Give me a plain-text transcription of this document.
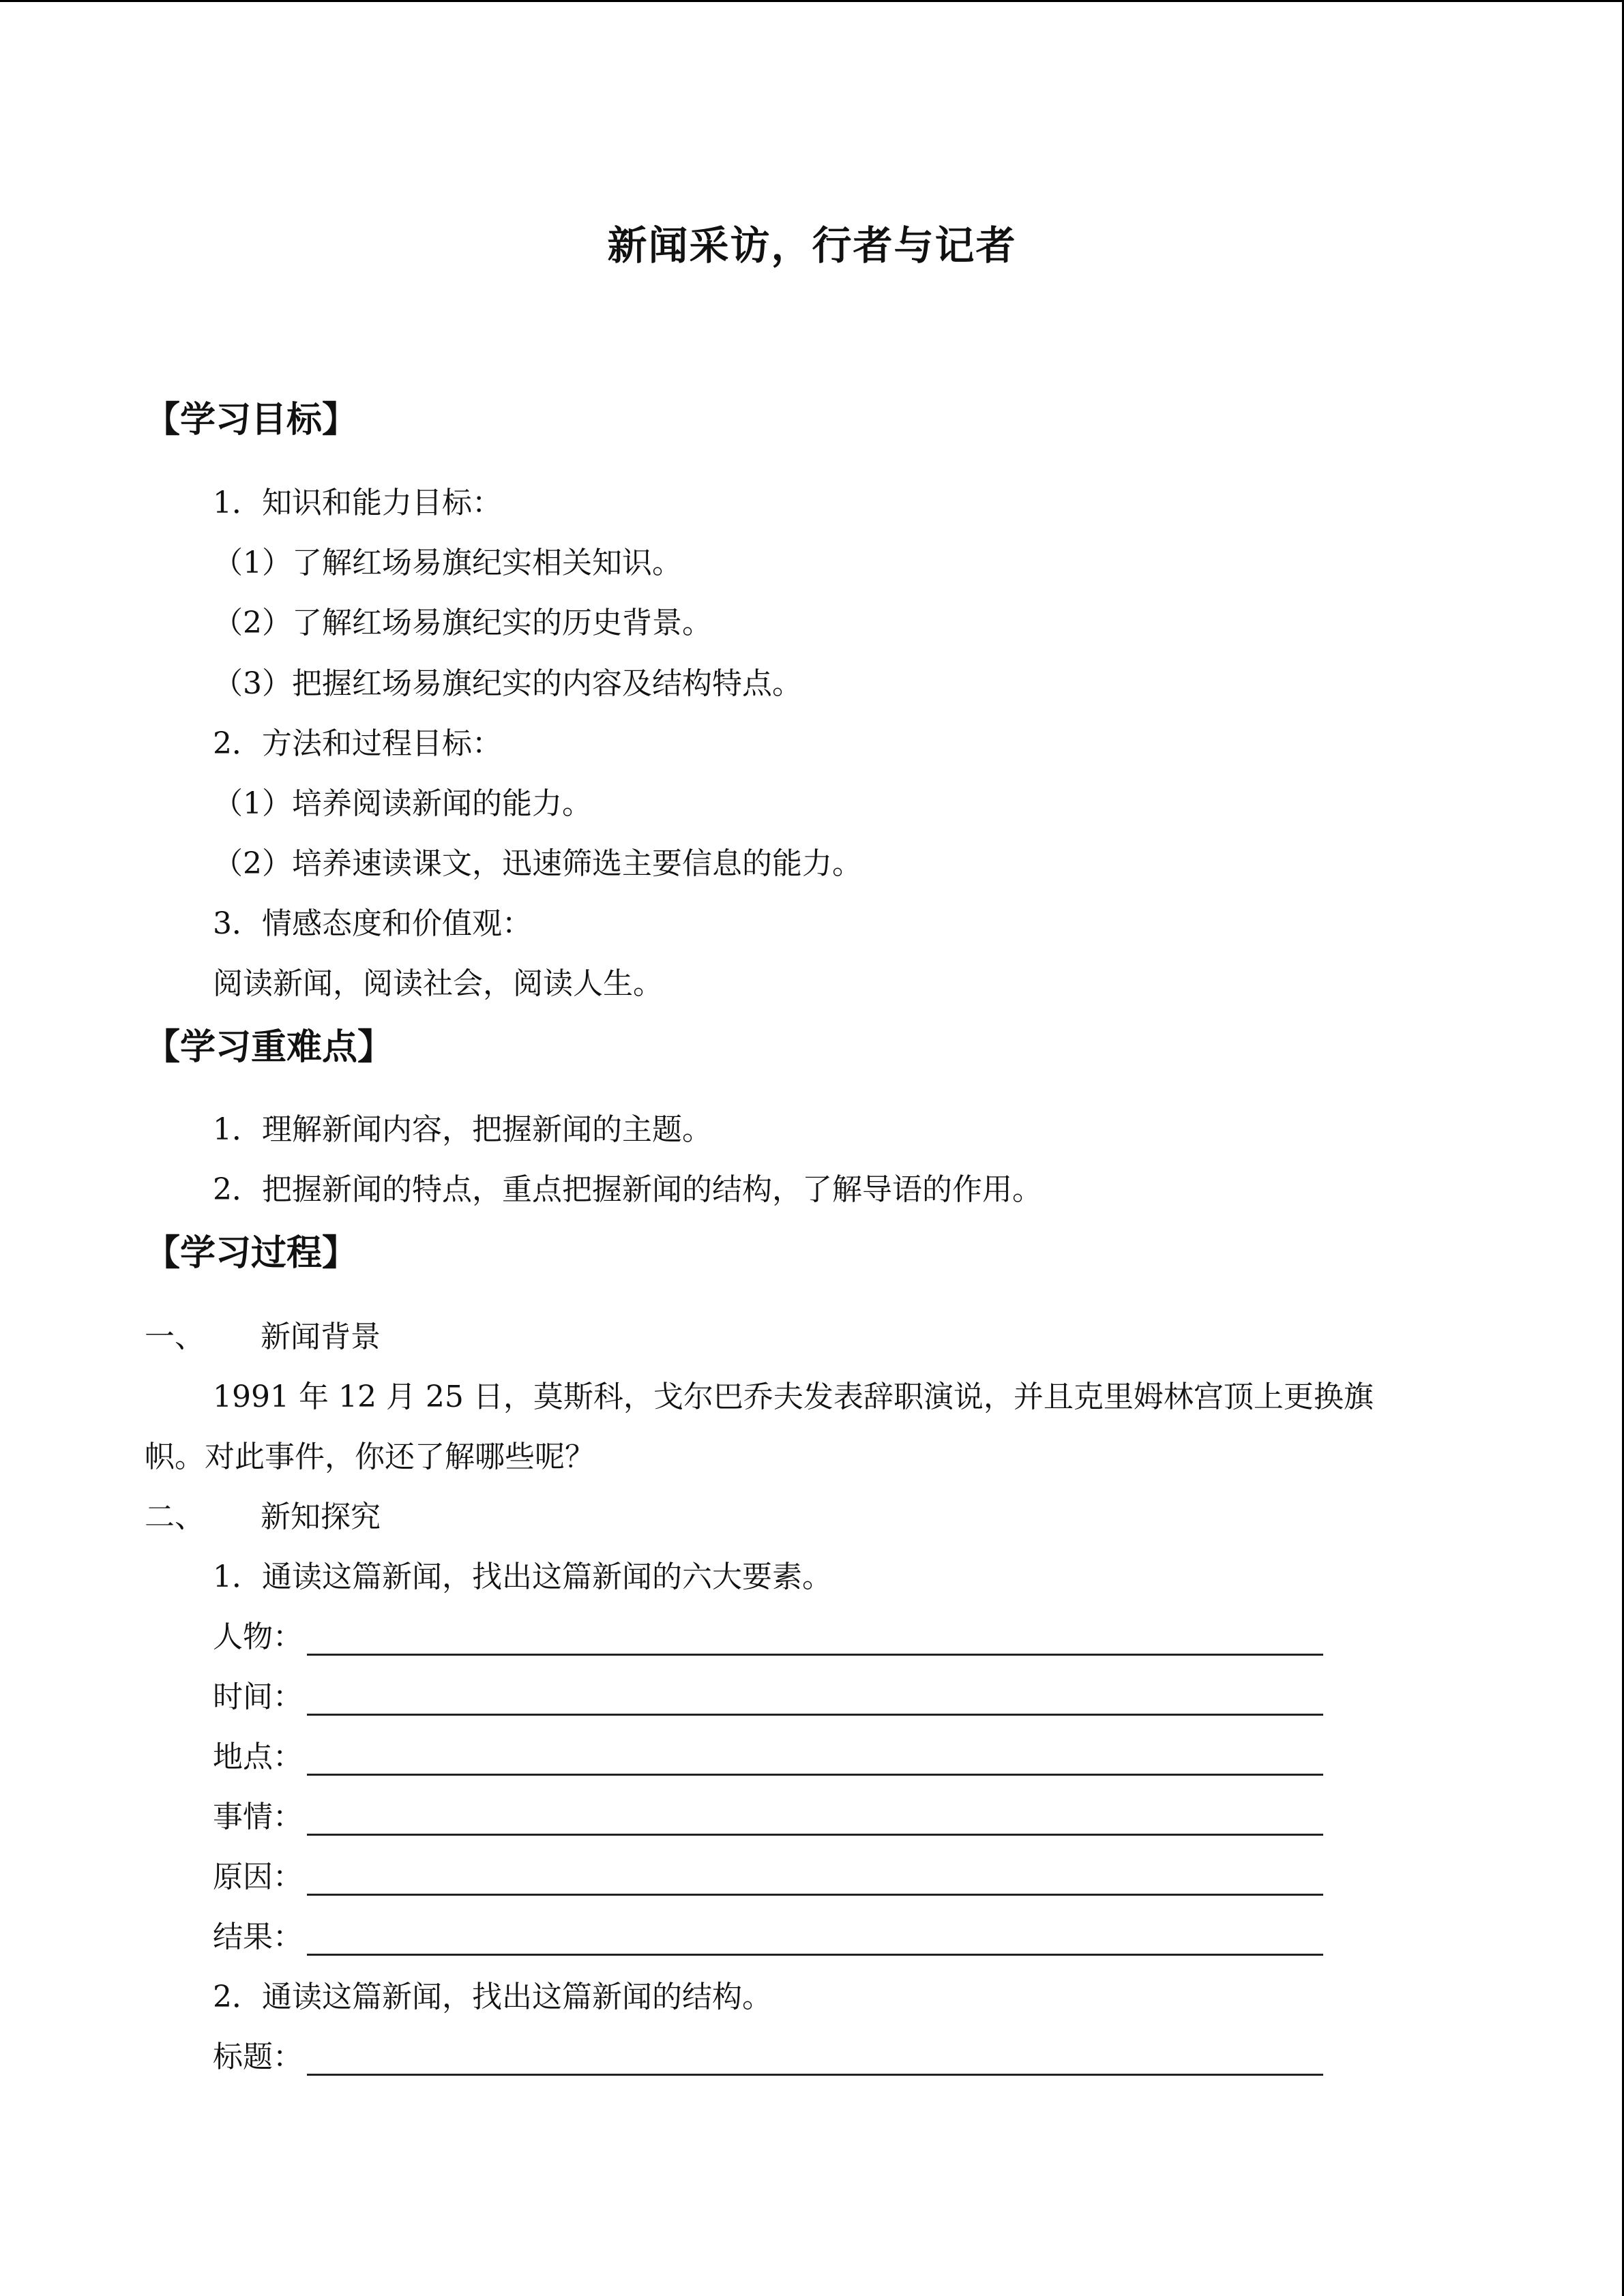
新闻采访，行者与记者
【学习目标】
1．知识和能力目标：
（1）了解红场易旗纪实相关知识。
（2）了解红场易旗纪实的历史背景。
（3）把握红场易旗纪实的内容及结构特点。
2．方法和过程目标：
（1）培养阅读新闻的能力。
（2）培养速读课文，迅速筛选主要信息的能力。
3．情感态度和价值观：
阅读新闻，阅读社会，阅读人生。
【学习重难点】
1．理解新闻内容，把握新闻的主题。
2．把握新闻的特点，重点把握新闻的结构，了解导语的作用。
【学习过程】
一、 新闻背景
1991 年 12 月 25 日，莫斯科，戈尔巴乔夫发表辞职演说，并且克里姆林宫顶上更换旗
帜。对此事件，你还了解哪些呢？
二、 新知探究
1．通读这篇新闻，找出这篇新闻的六大要素。
人物：
时间：
地点：
事情：
原因：
结果：
2．通读这篇新闻，找出这篇新闻的结构。
标题：
